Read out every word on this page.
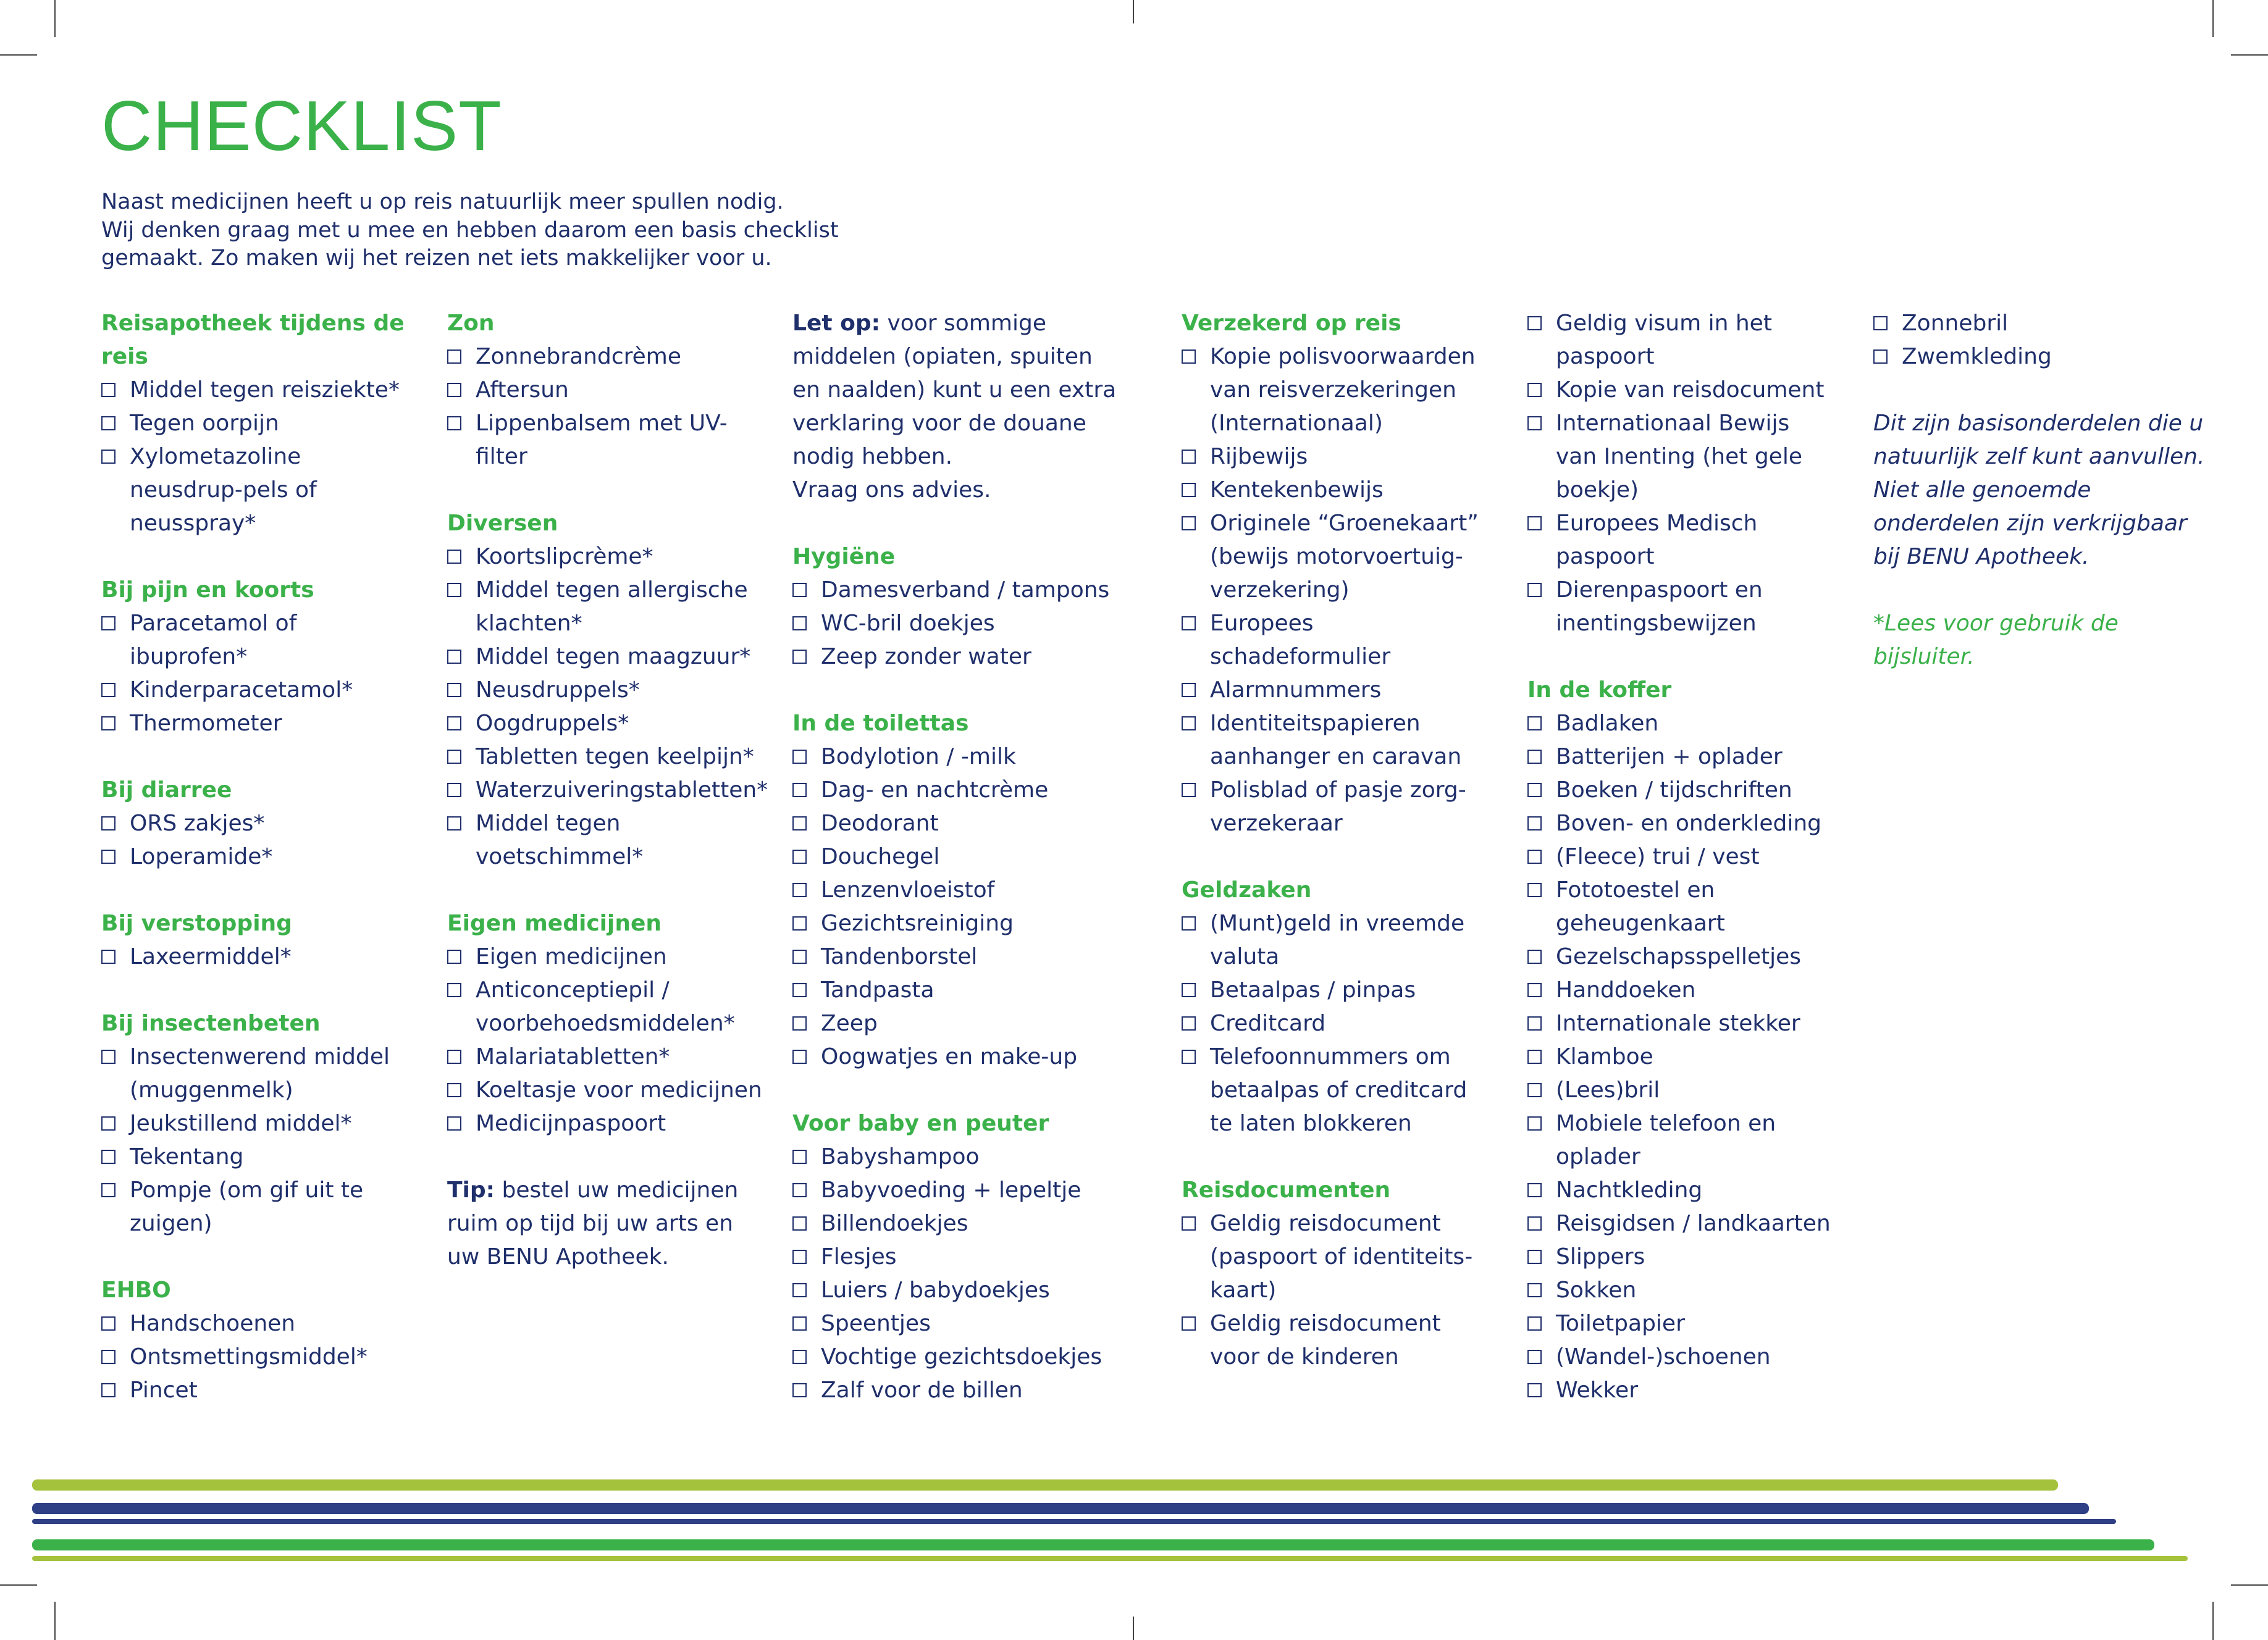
CHECKLIST
Naast medicijnen heeft u op reis natuurlijk meer spullen nodig.
Wij denken graag met u mee en hebben daarom een basis checklist
gemaakt. Zo maken wij het reizen net iets makkelijker voor u.
Reisapotheek tijdens de reis
Middel tegen reisziekte*
Tegen oorpijn
Xylometazoline neusdrup-pels of neusspray*
Bij pijn en koorts
Paracetamol of ibuprofen*
Kinderparacetamol*
Thermometer
Bij diarree
ORS zakjes*
Loperamide*
Bij verstopping
Laxeermiddel*
Bij insectenbeten
Insectenwerend middel (muggenmelk)
Jeukstillend middel*
Tekentang
Pompje (om gif uit te zuigen)
EHBO
Handschoenen
Ontsmettingsmiddel*
Pincet
Zon
Zonnebrandcrème
Aftersun
Lippenbalsem met UV-filter
Diversen
Koortslipcrème*
Middel tegen allergische klachten*
Middel tegen maagzuur*
Neusdruppels*
Oogdruppels*
Tabletten tegen keelpijn*
Waterzuiveringstabletten*
Middel tegen voetschimmel*
Eigen medicijnen
Eigen medicijnen
Anticonceptiepil / voorbehoedsmiddelen*
Malariatabletten*
Koeltasje voor medicijnen
Medicijnpaspoort
Tip: bestel uw medicijnen ruim op tijd bij uw arts en uw BENU Apotheek.
Let op: voor sommige middelen (opiaten, spuiten en naalden) kunt u een extra verklaring voor de douane nodig hebben.
Vraag ons advies.
Hygiëne
Damesverband / tampons
WC-bril doekjes
Zeep zonder water
In de toilettas
Bodylotion / -milk
Dag- en nachtcrème
Deodorant
Douchegel
Lenzenvloeistof
Gezichtsreiniging
Tandenborstel
Tandpasta
Zeep
Oogwatjes en make-up
Voor baby en peuter
Babyshampoo
Babyvoeding + lepeltje
Billendoekjes
Flesjes
Luiers / babydoekjes
Speentjes
Vochtige gezichtsdoekjes
Zalf voor de billen
Verzekerd op reis
Kopie polisvoorwaarden van reisverzekeringen (Internationaal)
Rijbewijs
Kentekenbewijs
Originele “Groenekaart” (bewijs motorvoertuig-verzekering)
Europees schadeformulier
Alarmnummers
Identiteitspapieren aanhanger en caravan
Polisblad of pasje zorg-verzekeraar
Geldzaken
(Munt)geld in vreemde valuta
Betaalpas / pinpas
Creditcard
Telefoonnummers om betaalpas of creditcard te laten blokkeren
Reisdocumenten
Geldig reisdocument (paspoort of identiteits-kaart)
Geldig reisdocument voor de kinderen
Geldig visum in het paspoort
Kopie van reisdocument
Internationaal Bewijs van Inenting (het gele boekje)
Europees Medisch paspoort
Dierenpaspoort en inentingsbewijzen
In de koffer
Badlaken
Batterijen + oplader
Boeken / tijdschriften
Boven- en onderkleding
(Fleece) trui / vest
Fototoestel en geheugenkaart
Gezelschapsspelletjes
Handdoeken
Internationale stekker
Klamboe
(Lees)bril
Mobiele telefoon en oplader
Nachtkleding
Reisgidsen / landkaarten
Slippers
Sokken
Toiletpapier
(Wandel-)schoenen
Wekker
Zonnebril
Zwemkleding
Dit zijn basisonderdelen die u natuurlijk zelf kunt aanvullen. Niet alle genoemde onderdelen zijn verkrijgbaar bij BENU Apotheek.
*Lees voor gebruik de bijsluiter.
